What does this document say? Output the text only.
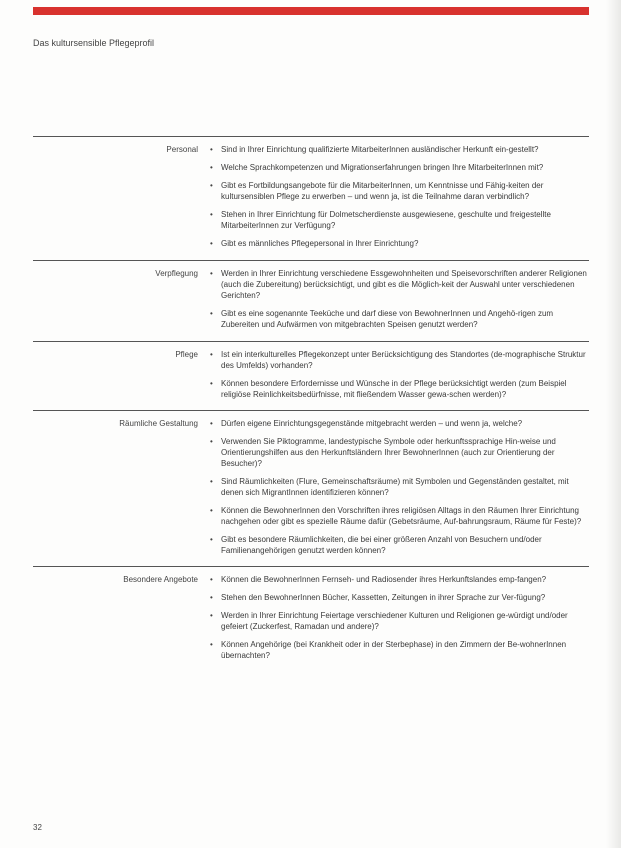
Das kultursensible Pflegeprofil
Personal	• Sind in Ihrer Einrichtung qualifizierte MitarbeiterInnen ausländischer Herkunft ein-gestellt?
• Welche Sprachkompetenzen und Migrationserfahrungen bringen Ihre MitarbeiterInnen mit?
• Gibt es Fortbildungsangebote für die MitarbeiterInnen, um Kenntnisse und Fähig-keiten der kultursensiblen Pflege zu erwerben – und wenn ja, ist die Teilnahme daran verbindlich?
• Stehen in Ihrer Einrichtung für Dolmetscherdienste ausgewiesene, geschulte und freigestellte MitarbeiterInnen zur Verfügung?
• Gibt es männliches Pflegepersonal in Ihrer Einrichtung?
Verpflegung	• Werden in Ihrer Einrichtung verschiedene Essgewohnheiten und Speisevorschriften anderer Religionen (auch die Zubereitung) berücksichtigt, und gibt es die Möglich-keit der Auswahl unter verschiedenen Gerichten?
• Gibt es eine sogenannte Teeküche und darf diese von BewohnerInnen und Angehö-rigen zum Zubereiten und Aufwärmen von mitgebrachten Speisen genutzt werden?
Pflege	• Ist ein interkulturelles Pflegekonzept unter Berücksichtigung des Standortes (de-mographische Struktur des Umfelds) vorhanden?
• Können besondere Erfordernisse und Wünsche in der Pflege berücksichtigt werden (zum Beispiel religiöse Reinlichkeitsbedürfnisse, mit fließendem Wasser gewa-schen werden)?
Räumliche Gestaltung	• Dürfen eigene Einrichtungsgegenstände mitgebracht werden – und wenn ja, welche?
• Verwenden Sie Piktogramme, landestypische Symbole oder herkunftssprachige Hin-weise und Orientierungshilfen aus den Herkunftsländern Ihrer BewohnerInnen (auch zur Orientierung der Besucher)?
• Sind Räumlichkeiten (Flure, Gemeinschaftsräume) mit Symbolen und Gegenständen gestaltet, mit denen sich MigrantInnen identifizieren können?
• Können die BewohnerInnen den Vorschriften ihres religiösen Alltags in den Räumen Ihrer Einrichtung nachgehen oder gibt es spezielle Räume dafür (Gebetsräume, Auf-bahrungsraum, Räume für Feste)?
• Gibt es besondere Räumlichkeiten, die bei einer größeren Anzahl von Besuchern und/oder Familienangehörigen genutzt werden können?
Besondere Angebote	• Können die BewohnerInnen Fernseh- und Radiosender ihres Herkunftslandes emp-fangen?
• Stehen den BewohnerInnen Bücher, Kassetten, Zeitungen in ihrer Sprache zur Ver-fügung?
• Werden in Ihrer Einrichtung Feiertage verschiedener Kulturen und Religionen ge-würdigt und/oder gefeiert (Zuckerfest, Ramadan und andere)?
• Können Angehörige (bei Krankheit oder in der Sterbephase) in den Zimmern der Be-wohnerInnen übernachten?
32
